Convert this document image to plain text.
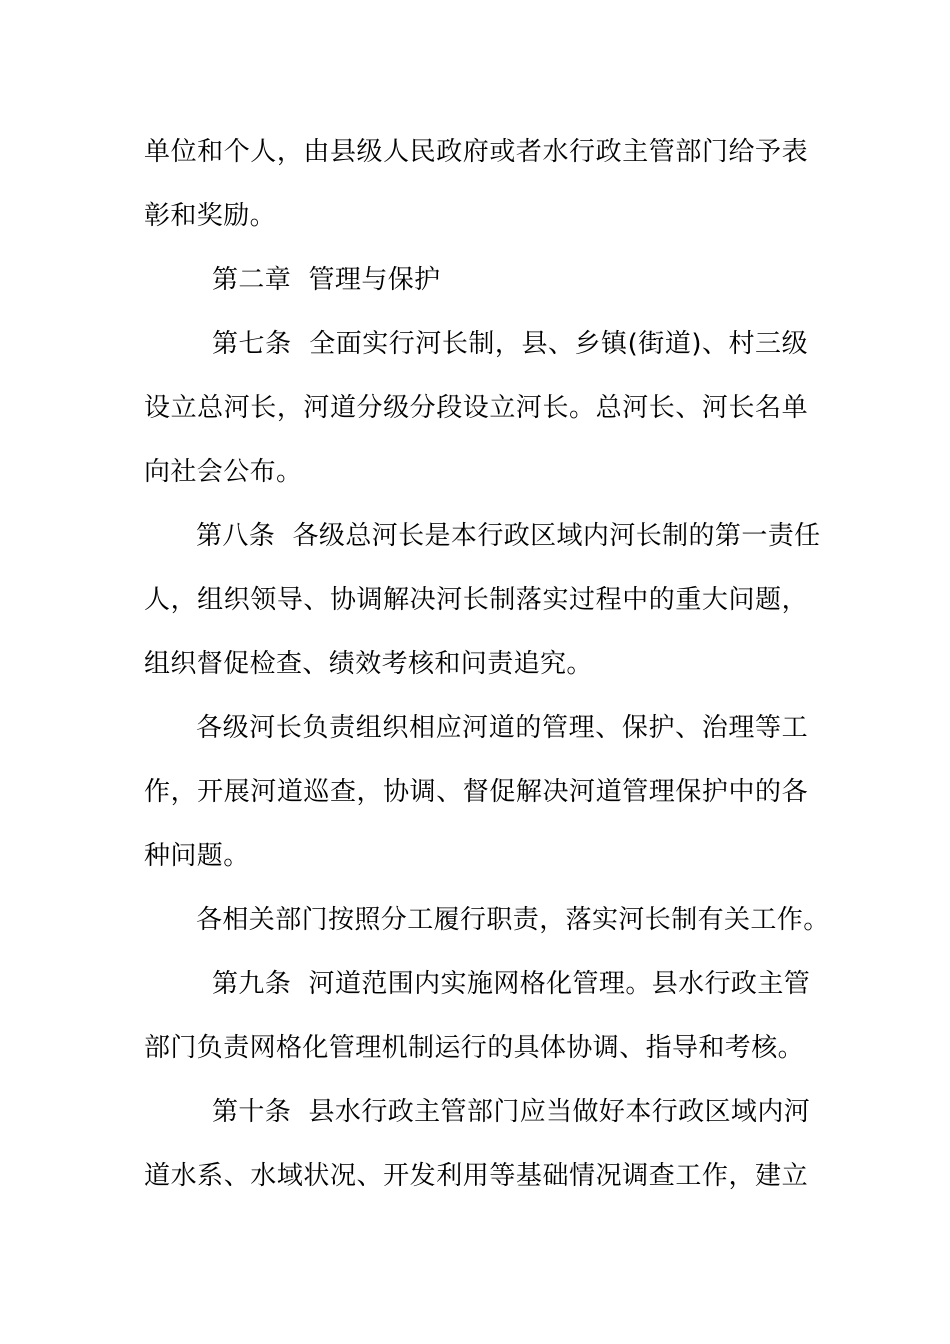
单位和个人，由县级人民政府或者水行政主管部门给予表
彰和奖励。
第二章  管理与保护
第七条  全面实行河长制，县、乡镇(街道)、村三级
设立总河长，河道分级分段设立河长。总河长、河长名单
向社会公布。
第八条  各级总河长是本行政区域内河长制的第一责任
人，组织领导、协调解决河长制落实过程中的重大问题，
组织督促检查、绩效考核和问责追究。
各级河长负责组织相应河道的管理、保护、治理等工
作，开展河道巡查，协调、督促解决河道管理保护中的各
种问题。
各相关部门按照分工履行职责，落实河长制有关工作。
第九条  河道范围内实施网格化管理。县水行政主管
部门负责网格化管理机制运行的具体协调、指导和考核。
第十条  县水行政主管部门应当做好本行政区域内河
道水系、水域状况、开发利用等基础情况调查工作，建立
